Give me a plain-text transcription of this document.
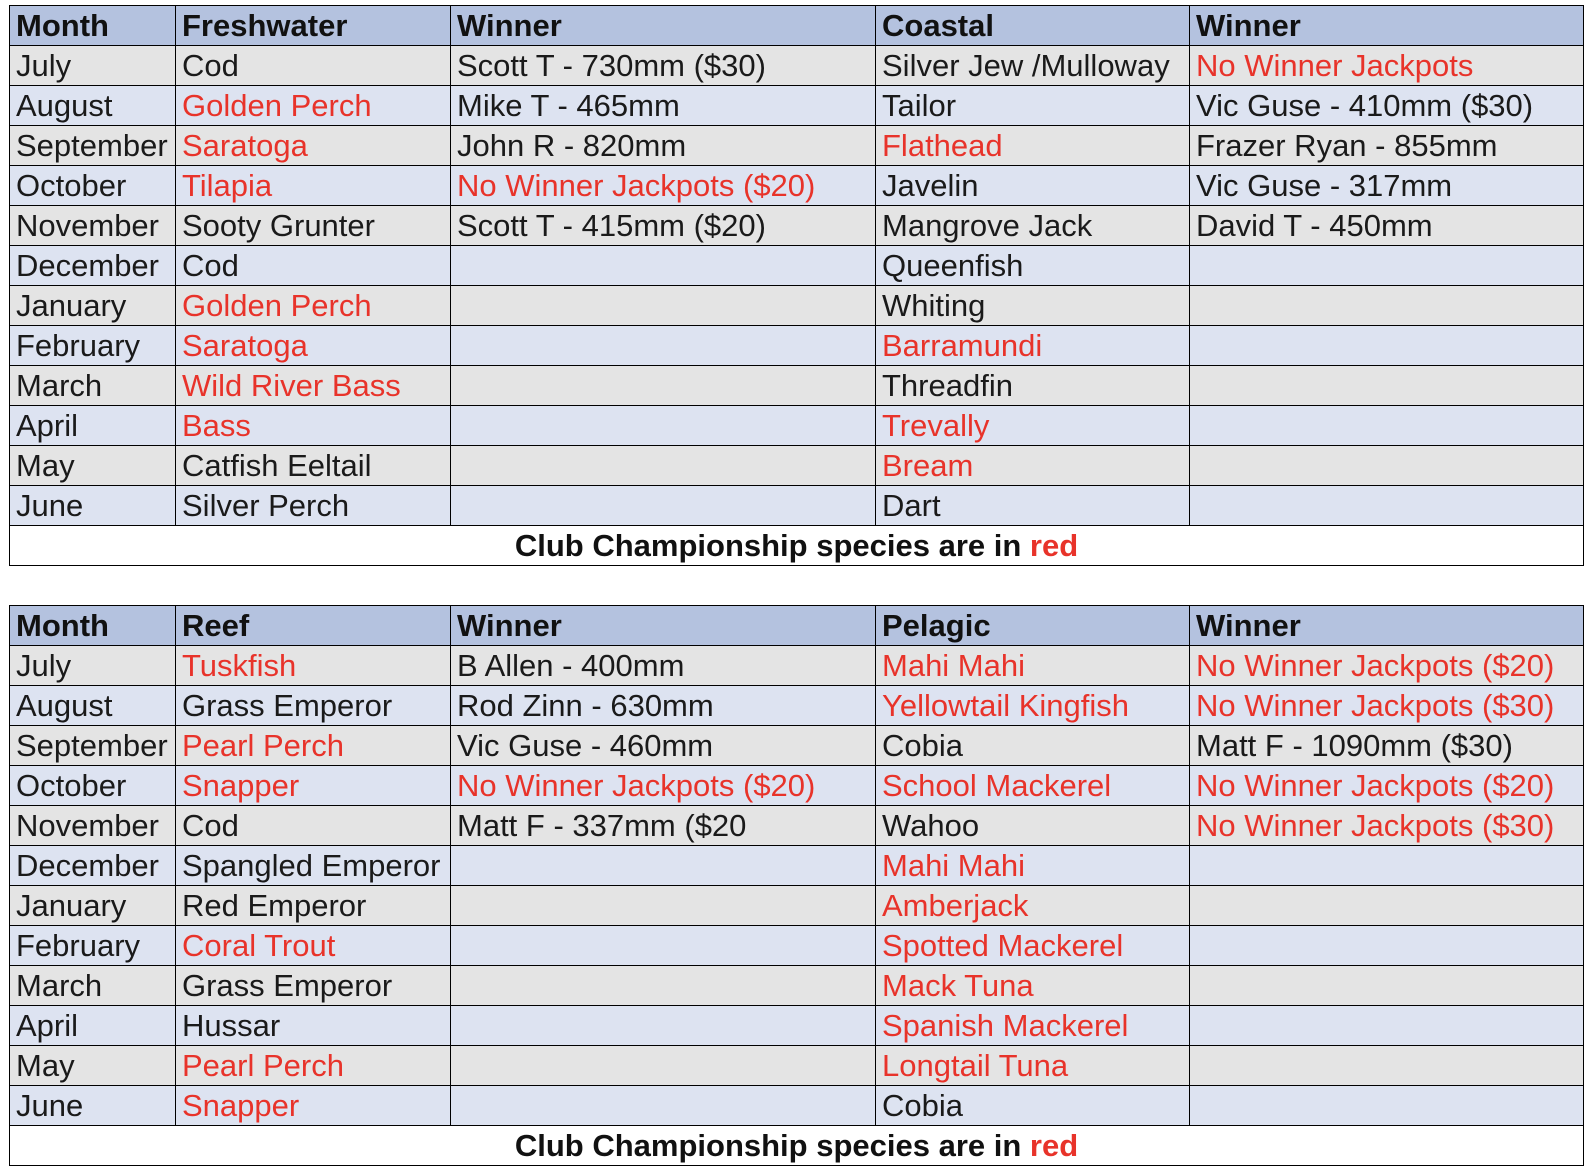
Month	Freshwater	Winner	Coastal	Winner
July	Cod	Scott T - 730mm ($30)	Silver Jew /Mulloway	No Winner Jackpots
August	Golden Perch	Mike T - 465mm	Tailor	Vic Guse - 410mm ($30)
September	Saratoga	John R - 820mm	Flathead	Frazer Ryan - 855mm
October	Tilapia	No Winner Jackpots ($20)	Javelin	Vic Guse - 317mm
November	Sooty Grunter	Scott T - 415mm ($20)	Mangrove Jack	David T - 450mm
December	Cod		Queenfish	
January	Golden Perch		Whiting	
February	Saratoga		Barramundi	
March	Wild River Bass		Threadfin	
April	Bass		Trevally	
May	Catfish Eeltail		Bream	
June	Silver Perch		Dart	
Club Championship species are in red				
Month	Reef	Winner	Pelagic	Winner
July	Tuskfish	B Allen - 400mm	Mahi Mahi	No Winner Jackpots ($20)
August	Grass Emperor	Rod Zinn - 630mm	Yellowtail Kingfish	No Winner Jackpots ($30)
September	Pearl Perch	Vic Guse - 460mm	Cobia	Matt F - 1090mm ($30)
October	Snapper	No Winner Jackpots ($20)	School Mackerel	No Winner Jackpots ($20)
November	Cod	Matt F - 337mm ($20	Wahoo	No Winner Jackpots ($30)
December	Spangled Emperor		Mahi Mahi	
January	Red Emperor		Amberjack	
February	Coral Trout		Spotted Mackerel	
March	Grass Emperor		Mack Tuna	
April	Hussar		Spanish Mackerel	
May	Pearl Perch		Longtail Tuna	
June	Snapper		Cobia	
Club Championship species are in red				
